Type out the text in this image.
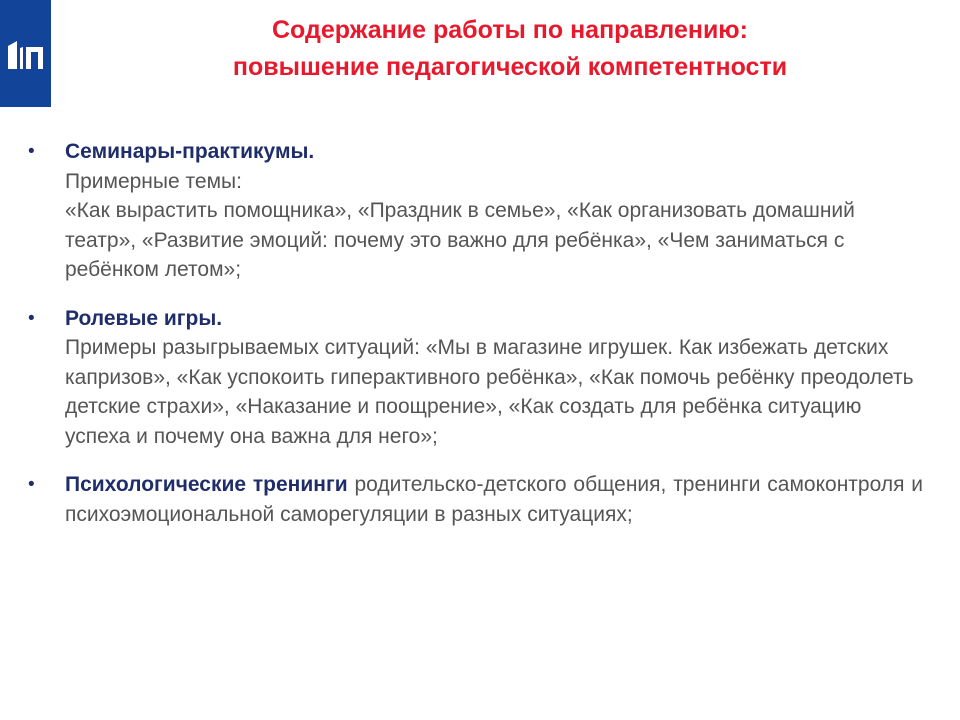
Содержание работы по направлению:
повышение педагогической компетентности
• Семинары-практикумы.
Примерные темы:
«Как вырастить помощника», «Праздник в семье», «Как организовать домашний театр», «Развитие эмоций: почему это важно для ребёнка», «Чем заниматься с ребёнком летом»;
• Ролевые игры.
Примеры разыгрываемых ситуаций: «Мы в магазине игрушек. Как избежать детских капризов», «Как успокоить гиперактивного ребёнка», «Как помочь ребёнку преодолеть детские страхи», «Наказание и поощрение», «Как создать для ребёнка ситуацию успеха и почему она важна для него»;
• Психологические тренинги родительско-детского общения, тренинги самоконтроля и психоэмоциональной саморегуляции в разных ситуациях;
